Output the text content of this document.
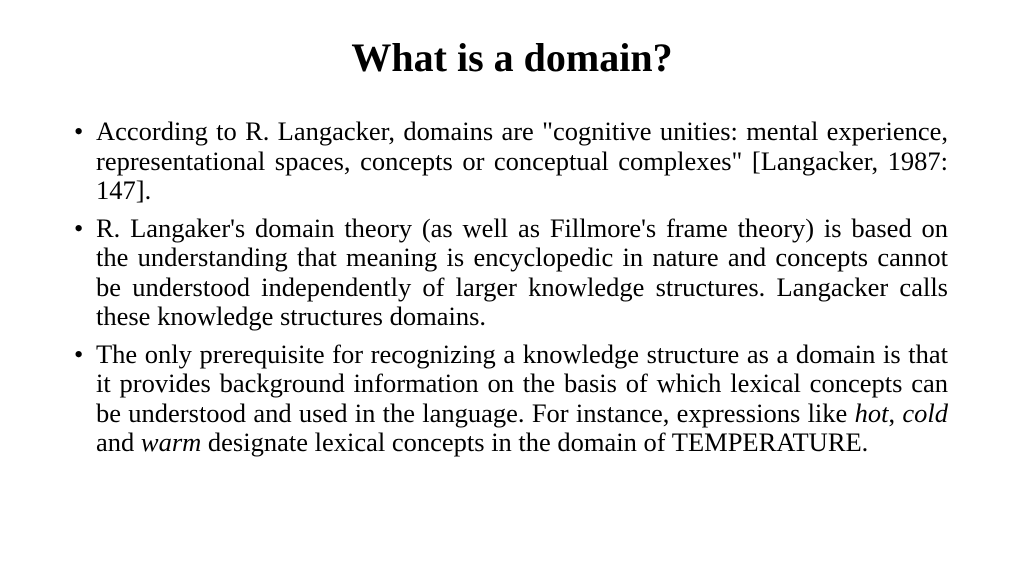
What is a domain?
• According to R. Langacker, domains are "cognitive unities: mental experience, representational spaces, concepts or conceptual complexes" [Langacker, 1987: 147].
• R. Langaker's domain theory (as well as Fillmore's frame theory) is based on the understanding that meaning is encyclopedic in nature and concepts cannot be understood independently of larger knowledge structures. Langacker calls these knowledge structures domains.
• The only prerequisite for recognizing a knowledge structure as a domain is that it provides background information on the basis of which lexical concepts can be understood and used in the language. For instance, expressions like hot, cold and warm designate lexical concepts in the domain of TEMPERATURE.
